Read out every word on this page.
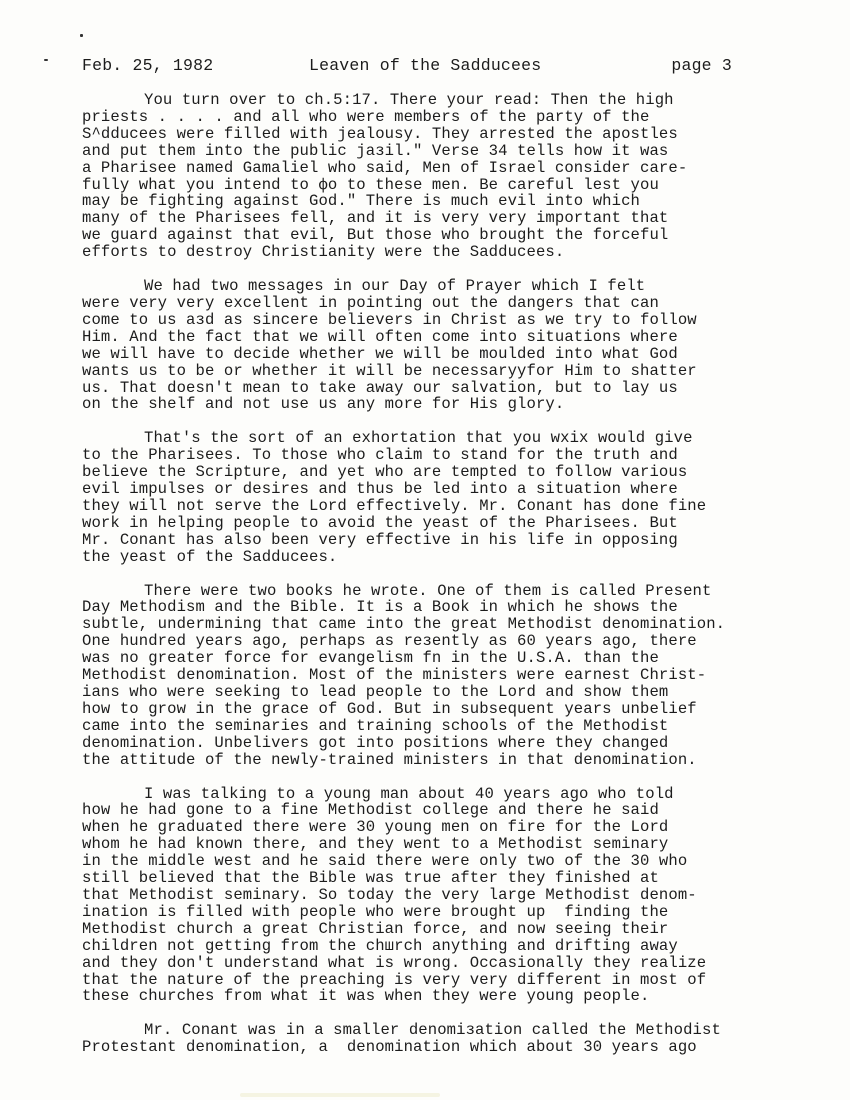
Feb. 25, 1982	Leaven of the Sadducees	page 3
You turn over to ch.5:17. There your read: Then the high
priests . . . . and all who were members of the party of the
S^dducees were filled with jealousy. They arrested the apostles
and put them into the public jaзil." Verse 34 tells how it was
a Pharisee named Gamaliel who said, Men of Israel consider care-
fully what you intend to фo to these men. Be careful lest you
may be fighting against God." There is much evil into which
many of the Pharisees fell, and it is very very important that
we guard against that evil, But those who brought the forceful
efforts to destroy Christianity were the Sadducees.
We had two messages in our Day of Prayer which I felt
were very very excellent in pointing out the dangers that can
come to us aзd as sincere believers in Christ as we try to follow
Him. And the fact that we will often come into situations where
we will have to decide whether we will be moulded into what God
wants us to be or whether it will be necessaryyfor Him to shatter
us. That doesn't mean to take away our salvation, but to lay us
on the shelf and not use us any more for His glory.
That's the sort of an exhortation that you wxix would give
to the Pharisees. To those who claim to stand for the truth and
believe the Scripture, and yet who are tempted to follow various
evil impulses or desires and thus be led into a situation where
they will not serve the Lord effectively. Mr. Conant has done fine
work in helping people to avoid the yeast of the Pharisees. But
Mr. Conant has also been very effective in his life in opposing
the yeast of the Sadducees.
There were two books he wrote. One of them is called Present
Day Methodism and the Bible. It is a Book in which he shows the
subtle, undermining that came into the great Methodist denomination.
One hundred years ago, perhaps as reзently as 60 years ago, there
was no greater force for evangelism fn in the U.S.A. than the
Methodist denomination. Most of the ministers were earnest Christ-
ians who were seeking to lead people to the Lord and show them
how to grow in the grace of God. But in subsequent years unbelief
came into the seminaries and training schools of the Methodist
denomination. Unbelivers got into positions where they changed
the attitude of the newly-trained ministers in that denomination.
I was talking to a young man about 40 years ago who told
how he had gone to a fine Methodist college and there he said
when he graduated there were 30 young men on fire for the Lord
whom he had known there, and they went to a Methodist seminary
in the middle west and he said there were only two of the 30 who
still believed that the Bible was true after they finished at
that Methodist seminary. So today the very large Methodist denom-
ination is filled with people who were brought up  finding the
Methodist church a great Christian force, and now seeing their
children not getting from the chшrch anything and drifting away
and they don't understand what is wrong. Occasionally they realize
that the nature of the preaching is very very different in most of
these churches from what it was when they were young people.
Mr. Conant was in a smaller denomiзation called the Methodist
Protestant denomination, a  denomination which about 30 years ago
